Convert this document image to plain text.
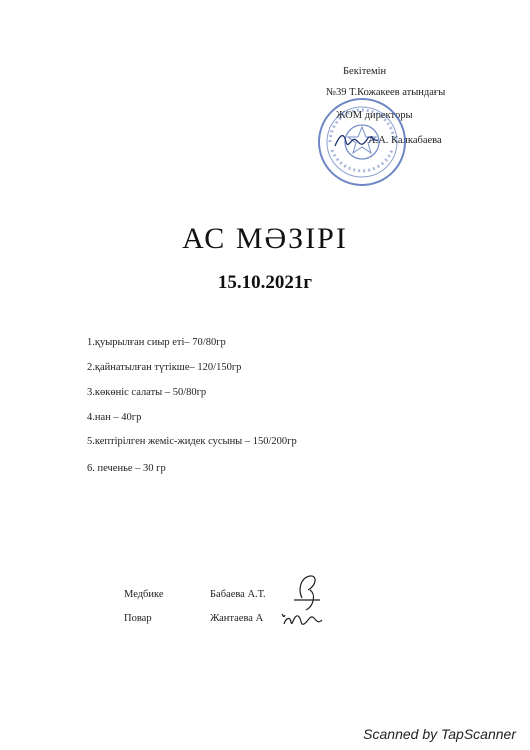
Бекітемін
№39 Т.Кожакеев атындағы
ЖОМ директоры
А.А. Калкабаева
АС МӘЗІРІ
15.10.2021г
1.қуырылған сиыр еті– 70/80гр
2.қайнатылған түтікше– 120/150гр
3.көкөніс салаты – 50/80гр
4.нан – 40гр
5.кептірілген жеміс-жидек сусыны – 150/200гр
6. печенье – 30 гр
Медбике	Бабаева А.Т.
Повар	Жантаева А
Scanned by TapScanner
